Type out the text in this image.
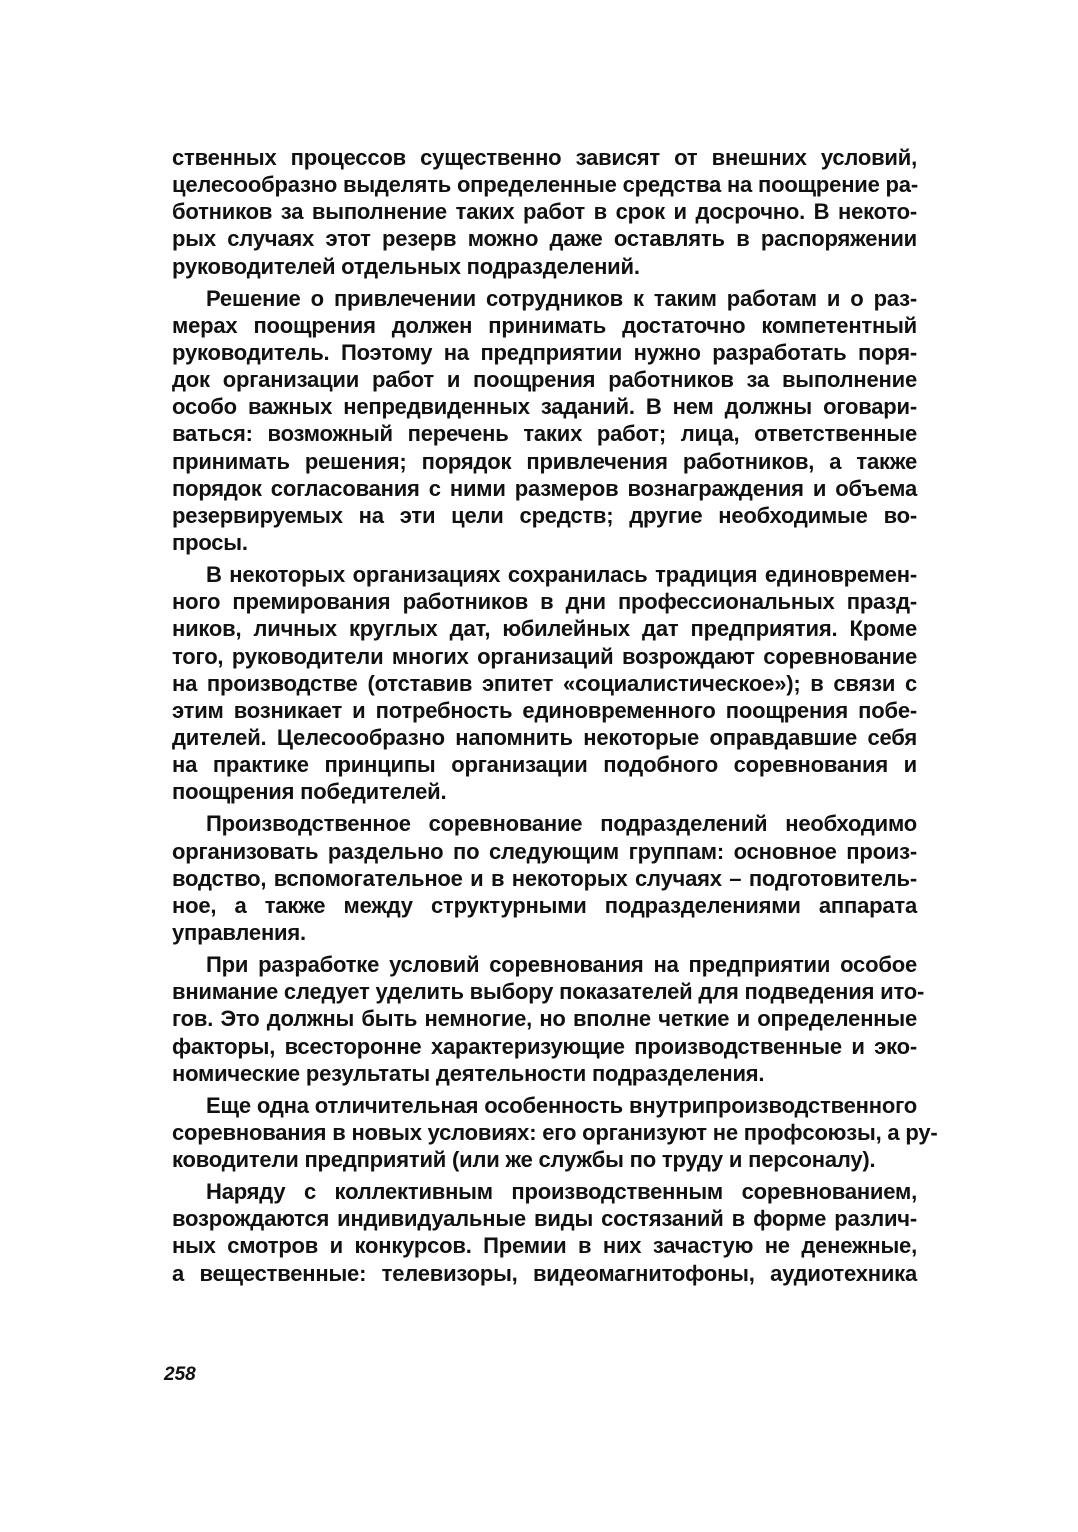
ственных процессов существенно зависят от внешних условий,
целесообразно выделять определенные средства на поощрение ра-
ботников за выполнение таких работ в срок и досрочно. В некото-
рых случаях этот резерв можно даже оставлять в распоряжении
руководителей отдельных подразделений.
Решение о привлечении сотрудников к таким работам и о раз-
мерах поощрения должен принимать достаточно компетентный
руководитель. Поэтому на предприятии нужно разработать поря-
док организации работ и поощрения работников за выполнение
особо важных непредвиденных заданий. В нем должны оговари-
ваться: возможный перечень таких работ; лица, ответственные
принимать решения; порядок привлечения работников, а также
порядок согласования с ними размеров вознаграждения и объема
резервируемых на эти цели средств; другие необходимые во-
просы.
В некоторых организациях сохранилась традиция единовремен-
ного премирования работников в дни профессиональных празд-
ников, личных круглых дат, юбилейных дат предприятия. Кроме
того, руководители многих организаций возрождают соревнование
на производстве (отставив эпитет «социалистическое»); в связи с
этим возникает и потребность единовременного поощрения побе-
дителей. Целесообразно напомнить некоторые оправдавшие себя
на практике принципы организации подобного соревнования и
поощрения победителей.
Производственное соревнование подразделений необходимо
организовать раздельно по следующим группам: основное произ-
водство, вспомогательное и в некоторых случаях – подготовитель-
ное, а также между структурными подразделениями аппарата
управления.
При разработке условий соревнования на предприятии особое
внимание следует уделить выбору показателей для подведения ито-
гов. Это должны быть немногие, но вполне четкие и определенные
факторы, всесторонне характеризующие производственные и эко-
номические результаты деятельности подразделения.
Еще одна отличительная особенность внутрипроизводственного
соревнования в новых условиях: его организуют не профсоюзы, а ру-
ководители предприятий (или же службы по труду и персоналу).
Наряду с коллективным производственным соревнованием,
возрождаются индивидуальные виды состязаний в форме различ-
ных смотров и конкурсов. Премии в них зачастую не денежные,
а вещественные: телевизоры, видеомагнитофоны, аудиотехника
258
